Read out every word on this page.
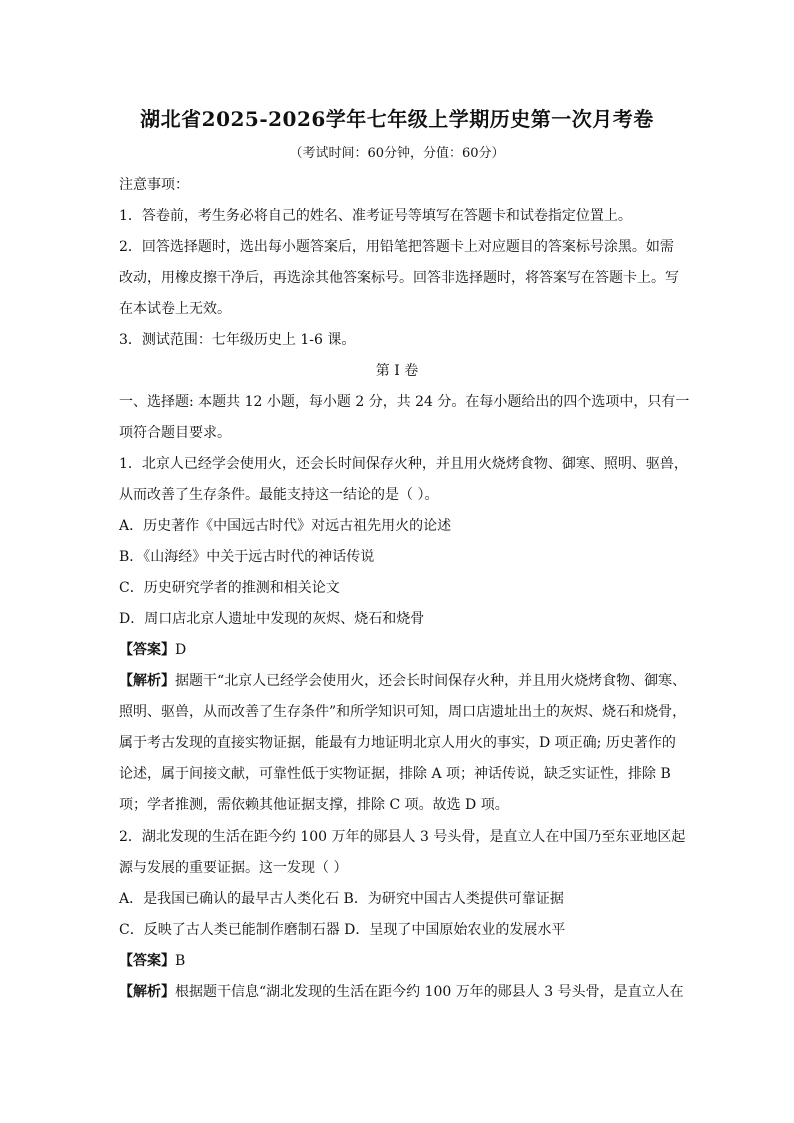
湖北省2025-2026学年七年级上学期历史第一次月考卷
（考试时间：60分钟，分值：60分）
注意事项：
1．答卷前，考生务必将自己的姓名、准考证号等填写在答题卡和试卷指定位置上。
2．回答选择题时，选出每小题答案后，用铅笔把答题卡上对应题目的答案标号涂黑。如需
改动，用橡皮擦干净后，再选涂其他答案标号。回答非选择题时，将答案写在答题卡上。写
在本试卷上无效。
3．测试范围：七年级历史上 1-6 课。
第 I 卷
一、选择题: 本题共 12 小题，每小题 2 分，共 24 分。在每小题给出的四个选项中，只有一
项符合题目要求。
1．北京人已经学会使用火，还会长时间保存火种，并且用火烧烤食物、御寒、照明、驱兽，
从而改善了生存条件。最能支持这一结论的是（ ）。
A．历史著作《中国远古时代》对远古祖先用火的论述
B．《山海经》中关于远古时代的神话传说
C．历史研究学者的推测和相关论文
D．周口店北京人遗址中发现的灰烬、烧石和烧骨
【答案】D
【解析】据题干“北京人已经学会使用火，还会长时间保存火种，并且用火烧烤食物、御寒、
照明、驱兽，从而改善了生存条件”和所学知识可知，周口店遗址出土的灰烬、烧石和烧骨，
属于考古发现的直接实物证据，能最有力地证明北京人用火的事实，D 项正确; 历史著作的
论述，属于间接文献，可靠性低于实物证据，排除 A 项；神话传说，缺乏实证性，排除 B
项；学者推测，需依赖其他证据支撑，排除 C 项。故选 D 项。
2．湖北发现的生活在距今约 100 万年的郧县人 3 号头骨，是直立人在中国乃至东亚地区起
源与发展的重要证据。这一发现（ ）
A．是我国已确认的最早古人类化石 B．为研究中国古人类提供可靠证据
C．反映了古人类已能制作磨制石器 D．呈现了中国原始农业的发展水平
【答案】B
【解析】根据题干信息“湖北发现的生活在距今约 100 万年的郧县人 3 号头骨，是直立人在
